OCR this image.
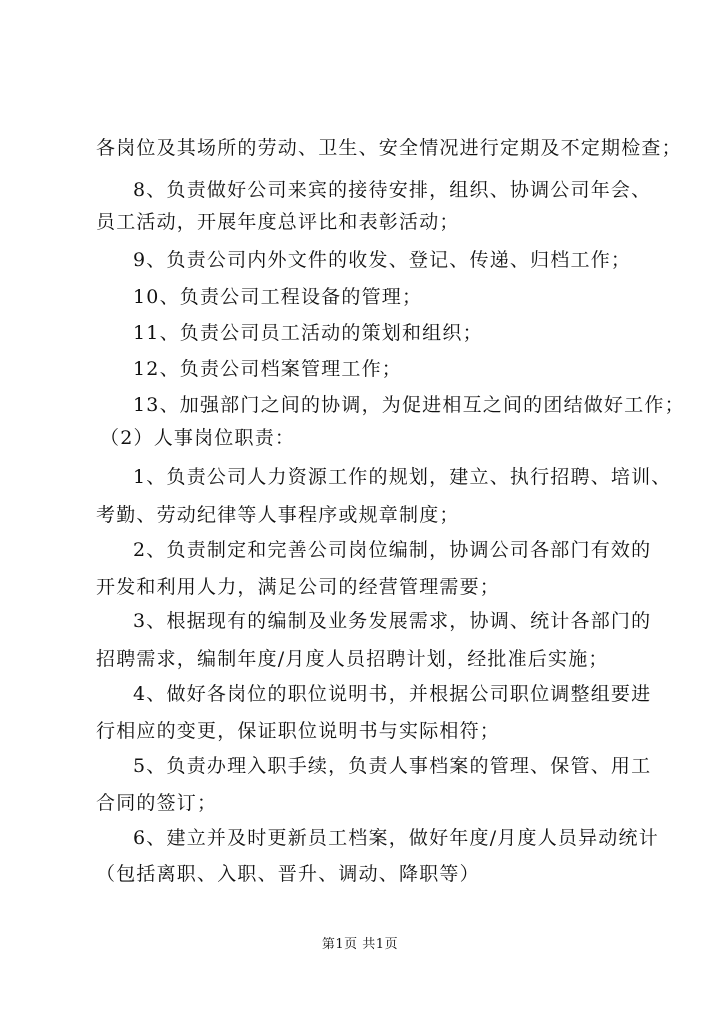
各岗位及其场所的劳动、卫生、安全情况进行定期及不定期检查；
8、负责做好公司来宾的接待安排，组织、协调公司年会、
员工活动，开展年度总评比和表彰活动；
9、负责公司内外文件的收发、登记、传递、归档工作；
10、负责公司工程设备的管理；
11、负责公司员工活动的策划和组织；
12、负责公司档案管理工作；
13、加强部门之间的协调，为促进相互之间的团结做好工作；
（2）人事岗位职责：
1、负责公司人力资源工作的规划，建立、执行招聘、培训、
考勤、劳动纪律等人事程序或规章制度；
2、负责制定和完善公司岗位编制，协调公司各部门有效的
开发和利用人力，满足公司的经营管理需要；
3、根据现有的编制及业务发展需求，协调、统计各部门的
招聘需求，编制年度/月度人员招聘计划，经批准后实施；
4、做好各岗位的职位说明书，并根据公司职位调整组要进
行相应的变更，保证职位说明书与实际相符；
5、负责办理入职手续，负责人事档案的管理、保管、用工
合同的签订；
6、建立并及时更新员工档案，做好年度/月度人员异动统计
（包括离职、入职、晋升、调动、降职等）
第1页 共1页
